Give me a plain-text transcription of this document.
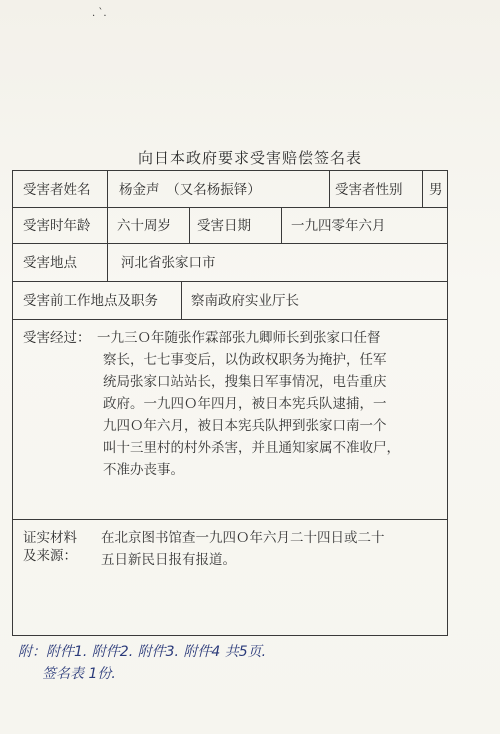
. ˋ.
向日本政府要求受害赔偿签名表
受害者姓名 杨金声　（又名杨振铎）	受害者性别 男
受害时年龄 六十周岁 受害日期	一九四零年六月
受害地点	河北省张家口市
受害前工作地点及职务 察南政府实业厅长
受害经过： 一九三Ｏ年随张作霖部张九卿师长到张家口任督
察长，七七事变后，以伪政权职务为掩护，任军
统局张家口站站长，搜集日军事情况，电告重庆
政府。一九四Ｏ年四月，被日本宪兵队逮捕，一
九四Ｏ年六月，被日本宪兵队押到张家口南一个
叫十三里村的村外杀害，并且通知家属不准收尸，
不准办丧事。
证实材料
及来源：
在北京图书馆查一九四Ｏ年六月二十四日或二十
五日新民日报有报道。
附：附件1. 附件2. 附件3. 附件4 共5页.
签名表 1份.
